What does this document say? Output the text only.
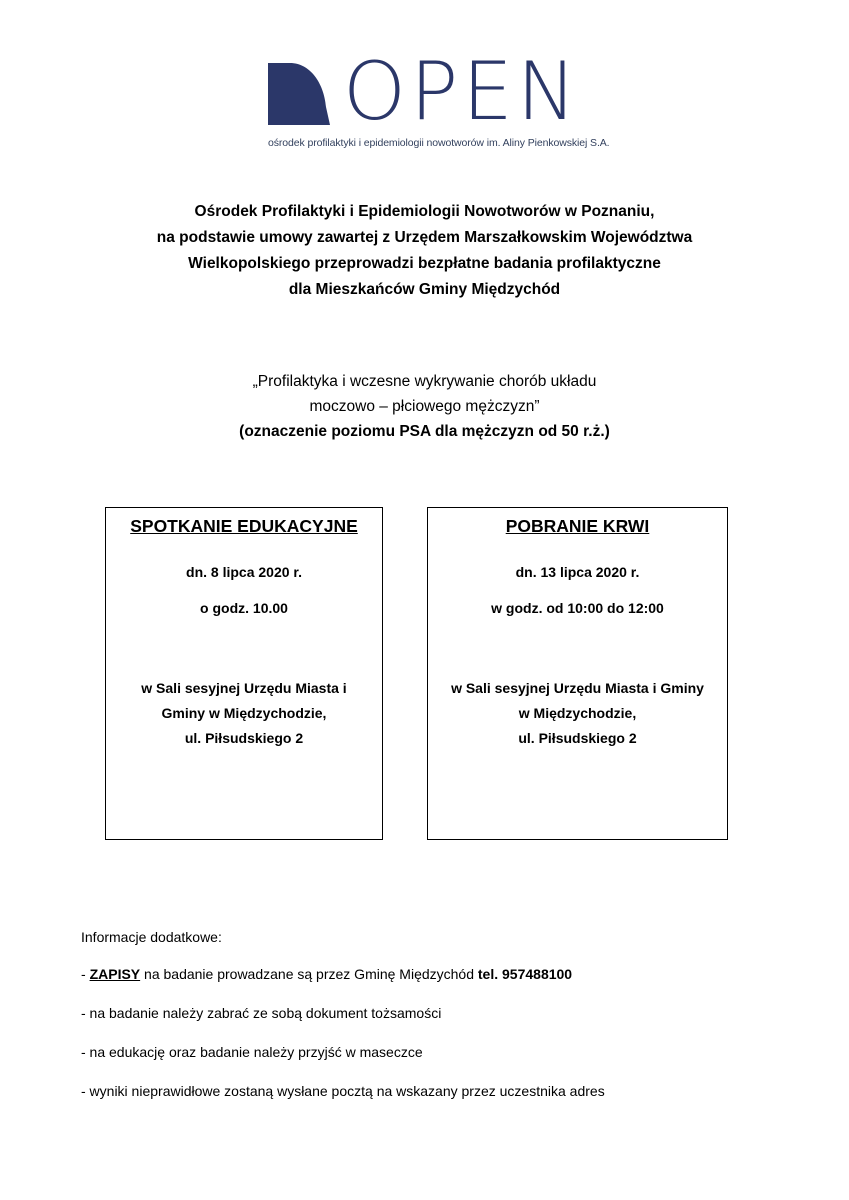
OPEN
ośrodek profilaktyki i epidemiologii nowotworów im. Aliny Pienkowskiej S.A.
Ośrodek Profilaktyki i Epidemiologii Nowotworów w Poznaniu,
na podstawie umowy zawartej z Urzędem Marszałkowskim Województwa
Wielkopolskiego przeprowadzi bezpłatne badania profilaktyczne
dla Mieszkańców Gminy Międzychód
„Profilaktyka i wczesne wykrywanie chorób układu
moczowo – płciowego mężczyzn”
(oznaczenie poziomu PSA dla mężczyzn od 50 r.ż.)
SPOTKANIE EDUKACYJNE
dn. 8 lipca 2020 r.
o godz. 10.00
w Sali sesyjnej Urzędu Miasta i
Gminy w Międzychodzie,
ul. Piłsudskiego 2
POBRANIE KRWI
dn. 13 lipca 2020 r.
w godz. od 10:00 do 12:00
w Sali sesyjnej Urzędu Miasta i Gminy
w Międzychodzie,
ul. Piłsudskiego 2
Informacje dodatkowe:
- ZAPISY na badanie prowadzane są przez Gminę Międzychód tel. 957488100
- na badanie należy zabrać ze sobą dokument tożsamości
- na edukację oraz badanie należy przyjść w maseczce
- wyniki nieprawidłowe zostaną wysłane pocztą na wskazany przez uczestnika adres
